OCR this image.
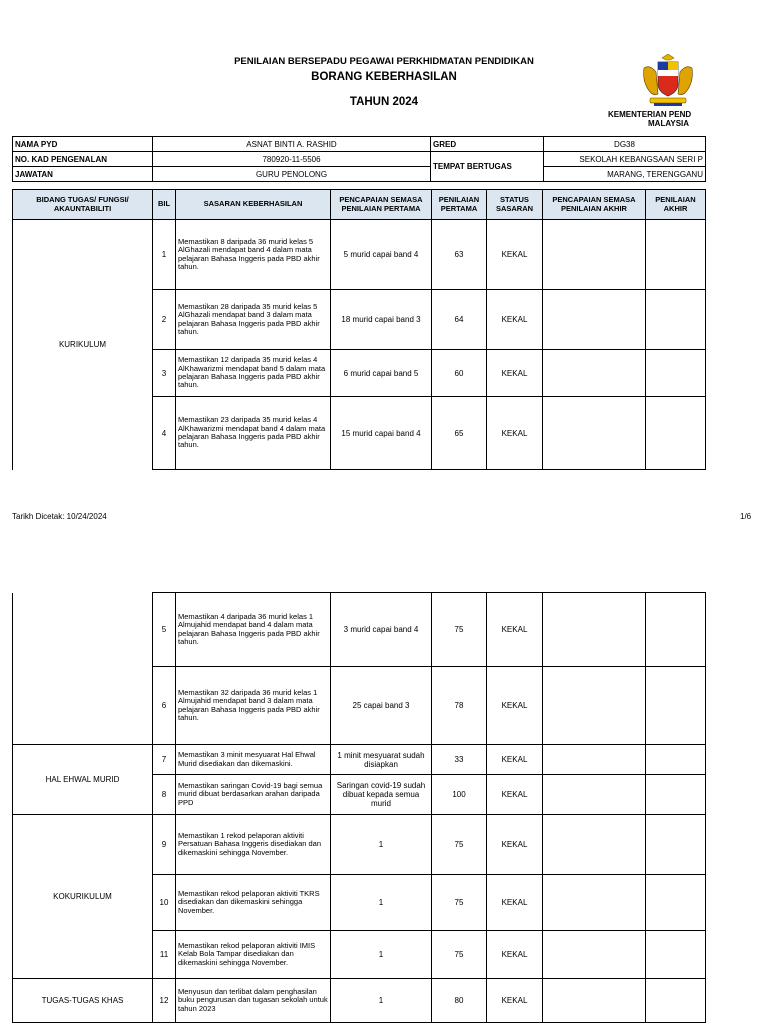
PENILAIAN BERSEPADU PEGAWAI PERKHIDMATAN PENDIDIKAN
BORANG KEBERHASILAN
TAHUN 2024
KEMENTERIAN PEND
MALAYSIA
NAMA PYD	ASNAT BINTI A. RASHID	GRED	DG38
NO. KAD PENGENALAN	780920-11-5506	TEMPAT BERTUGAS	SEKOLAH KEBANGSAAN SERI P
JAWATAN	GURU PENOLONG		MARANG, TERENGGANU
BIDANG TUGAS/ FUNGSI/ AKAUNTABILITI	BIL	SASARAN KEBERHASILAN	PENCAPAIAN SEMASA PENILAIAN PERTAMA	PENILAIAN PERTAMA	STATUS SASARAN	PENCAPAIAN SEMASA PENILAIAN AKHIR	PENILAIAN AKHIR
KURIKULUM	1	Memastikan 8 daripada 36 murid kelas 5 AlGhazali mendapat band 4 dalam mata pelajaran Bahasa Inggeris pada PBD akhir tahun.	5 murid capai band 4	63	KEKAL		
	2	Memastikan 28 daripada 35 murid kelas 5 AlGhazali mendapat band 3 dalam mata pelajaran Bahasa Inggeris pada PBD akhir tahun.	18 murid capai band 3	64	KEKAL		
	3	Memastikan 12 daripada 35 murid kelas 4 AlKhawarizmi mendapat band 5 dalam mata pelajaran Bahasa Inggeris pada PBD akhir tahun.	6 murid capai band 5	60	KEKAL		
	4	Memastikan 23 daripada 35 murid kelas 4 AlKhawarizmi mendapat band 4 dalam mata pelajaran Bahasa Inggeris pada PBD akhir tahun.	15 murid capai band 4	65	KEKAL		
Tarikh Dicetak: 10/24/2024	1/6
	5	Memastikan 4 daripada 36 murid kelas 1 Almujahid mendapat band 4 dalam mata pelajaran Bahasa Inggeris pada PBD akhir tahun.	3 murid capai band 4	75	KEKAL		
	6	Memastikan 32 daripada 36 murid kelas 1 Almujahid mendapat band 3 dalam mata pelajaran Bahasa Inggeris pada PBD akhir tahun.	25 capai band 3	78	KEKAL		
HAL EHWAL MURID	7	Memastikan 3 minit mesyuarat Hal Ehwal Murid disediakan dan dikemaskini.	1 minit mesyuarat sudah disiapkan	33	KEKAL		
	8	Memastikan saringan Covid-19 bagi semua murid dibuat berdasarkan arahan daripada PPD	Saringan covid-19 sudah dibuat kepada semua murid	100	KEKAL		
KOKURIKULUM	9	Memastikan 1 rekod pelaporan aktiviti Persatuan Bahasa Inggeris disediakan dan dikemaskini sehingga November.	1	75	KEKAL		
	10	Memastikan rekod pelaporan aktiviti TKRS disediakan dan dikemaskini sehingga November.	1	75	KEKAL		
	11	Memastikan rekod pelaporan aktiviti IMIS Kelab Bola Tampar disediakan dan dikemaskini sehingga November.	1	75	KEKAL		
TUGAS-TUGAS KHAS	12	Menyusun dan terlibat dalam penghasilan buku pengurusan dan tugasan sekolah untuk tahun 2023	1	80	KEKAL		
